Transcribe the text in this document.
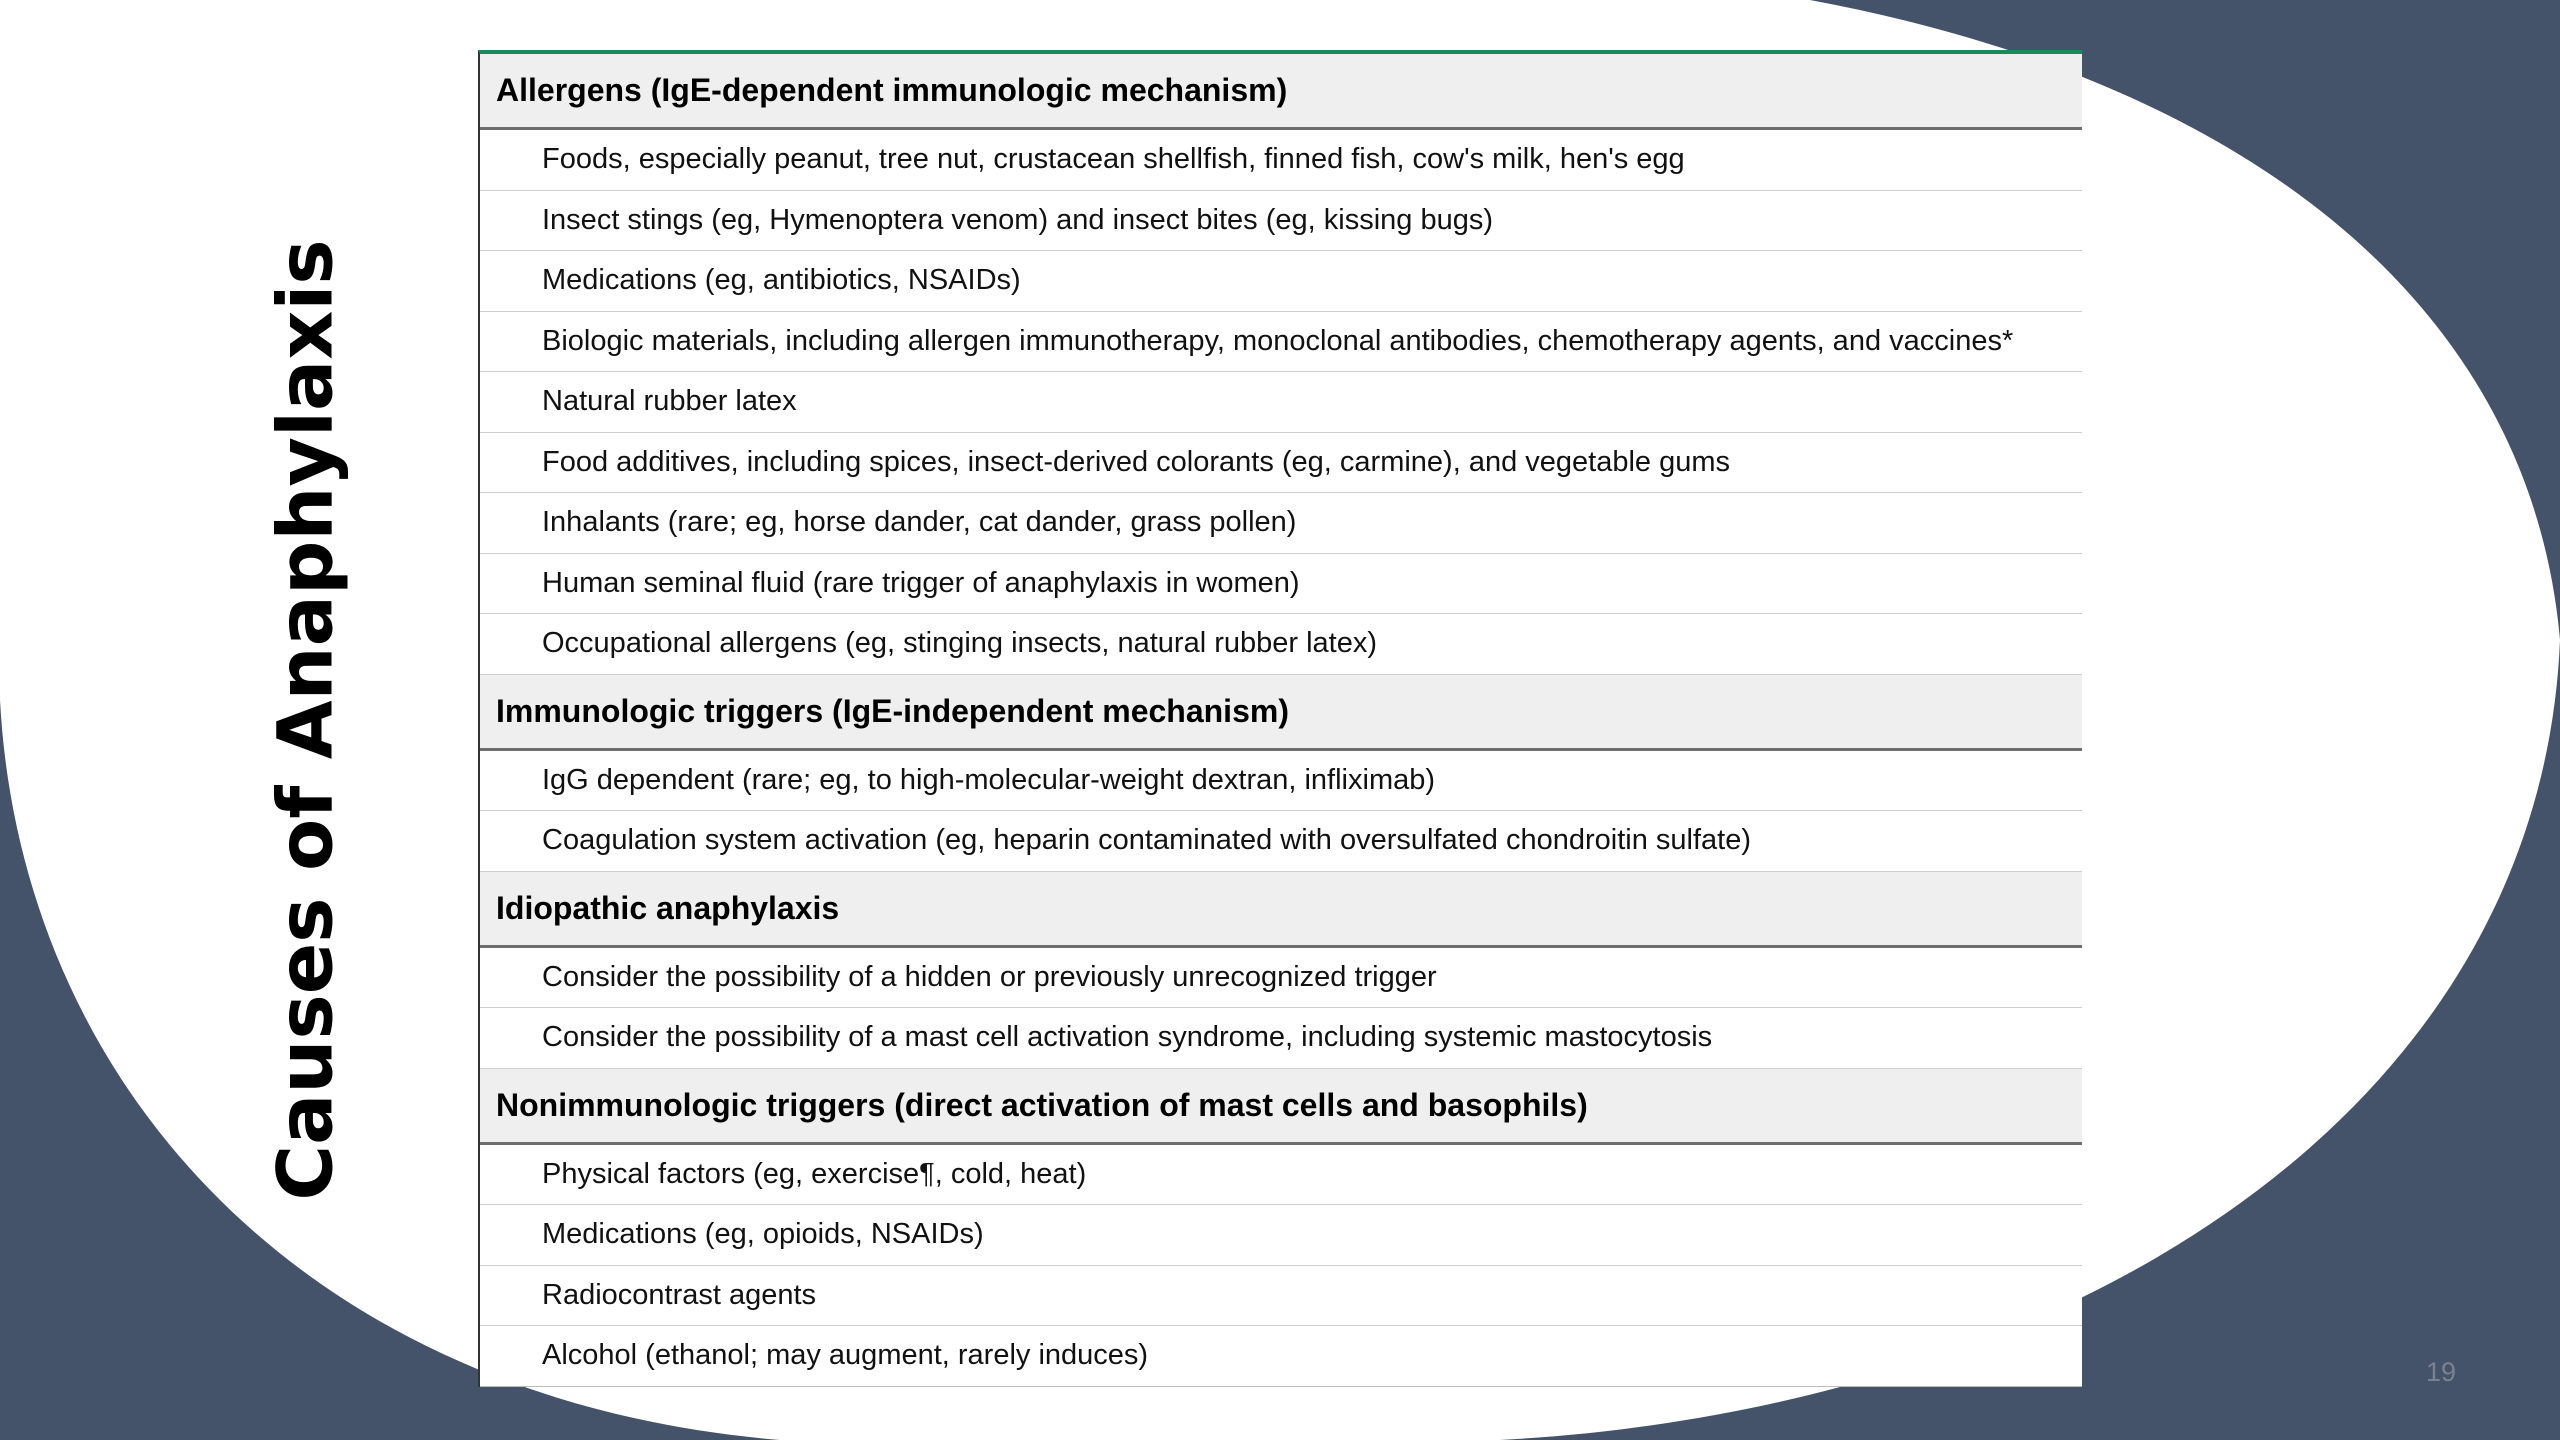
Causes of Anaphylaxis
Allergens (IgE-dependent immunologic mechanism)
Foods, especially peanut, tree nut, crustacean shellfish, finned fish, cow's milk, hen's egg
Insect stings (eg, Hymenoptera venom) and insect bites (eg, kissing bugs)
Medications (eg, antibiotics, NSAIDs)
Biologic materials, including allergen immunotherapy, monoclonal antibodies, chemotherapy agents, and vaccines*
Natural rubber latex
Food additives, including spices, insect-derived colorants (eg, carmine), and vegetable gums
Inhalants (rare; eg, horse dander, cat dander, grass pollen)
Human seminal fluid (rare trigger of anaphylaxis in women)
Occupational allergens (eg, stinging insects, natural rubber latex)
Immunologic triggers (IgE-independent mechanism)
IgG dependent (rare; eg, to high-molecular-weight dextran, infliximab)
Coagulation system activation (eg, heparin contaminated with oversulfated chondroitin sulfate)
Idiopathic anaphylaxis
Consider the possibility of a hidden or previously unrecognized trigger
Consider the possibility of a mast cell activation syndrome, including systemic mastocytosis
Nonimmunologic triggers (direct activation of mast cells and basophils)
Physical factors (eg, exercise¶, cold, heat)
Medications (eg, opioids, NSAIDs)
Radiocontrast agents
Alcohol (ethanol; may augment, rarely induces)
19
